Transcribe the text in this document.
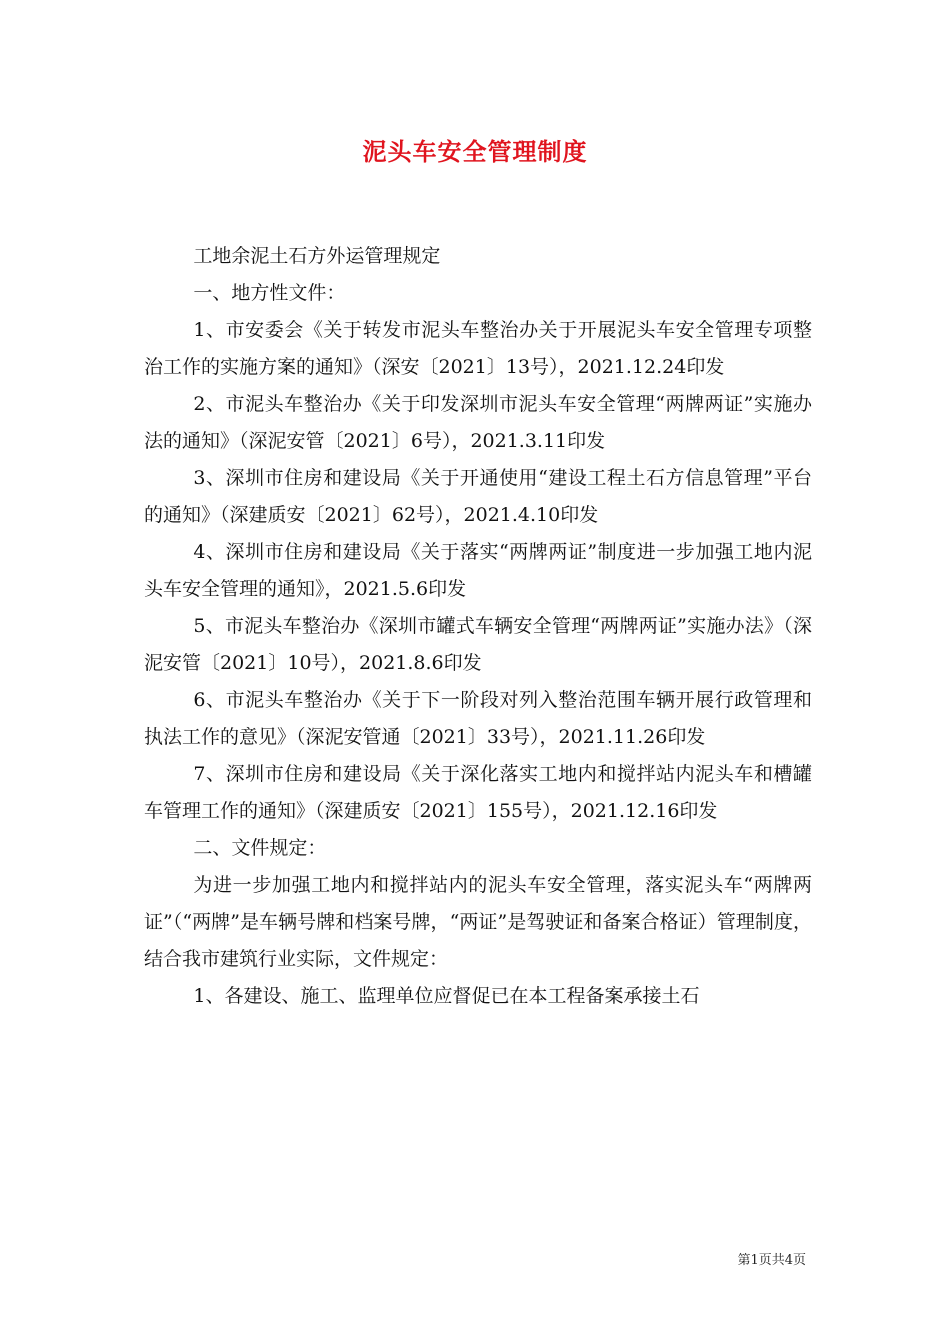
泥头车安全管理制度

工地余泥土石方外运管理规定

一、地方性文件：

1、市安委会《关于转发市泥头车整治办关于开展泥头车安全管理专项整治工作的实施方案的通知》（深安〔2021〕13号），2021.12.24印发

2、市泥头车整治办《关于印发深圳市泥头车安全管理“两牌两证”实施办法的通知》（深泥安管〔2021〕6号），2021.3.11印发

3、深圳市住房和建设局《关于开通使用“建设工程土石方信息管理”平台的通知》（深建质安〔2021〕62号），2021.4.10印发

4、深圳市住房和建设局《关于落实“两牌两证”制度进一步加强工地内泥头车安全管理的通知》，2021.5.6印发

5、市泥头车整治办《深圳市罐式车辆安全管理“两牌两证”实施办法》（深泥安管〔2021〕10号），2021.8.6印发

6、市泥头车整治办《关于下一阶段对列入整治范围车辆开展行政管理和执法工作的意见》（深泥安管通〔2021〕33号），2021.11.26印发

7、深圳市住房和建设局《关于深化落实工地内和搅拌站内泥头车和槽罐车管理工作的通知》（深建质安〔2021〕155号），2021.12.16印发

二、文件规定：

为进一步加强工地内和搅拌站内的泥头车安全管理，落实泥头车“两牌两证”（“两牌”是车辆号牌和档案号牌，“两证”是驾驶证和备案合格证）管理制度，结合我市建筑行业实际，文件规定：

1、各建设、施工、监理单位应督促已在本工程备案承接土石

第1页共4页
